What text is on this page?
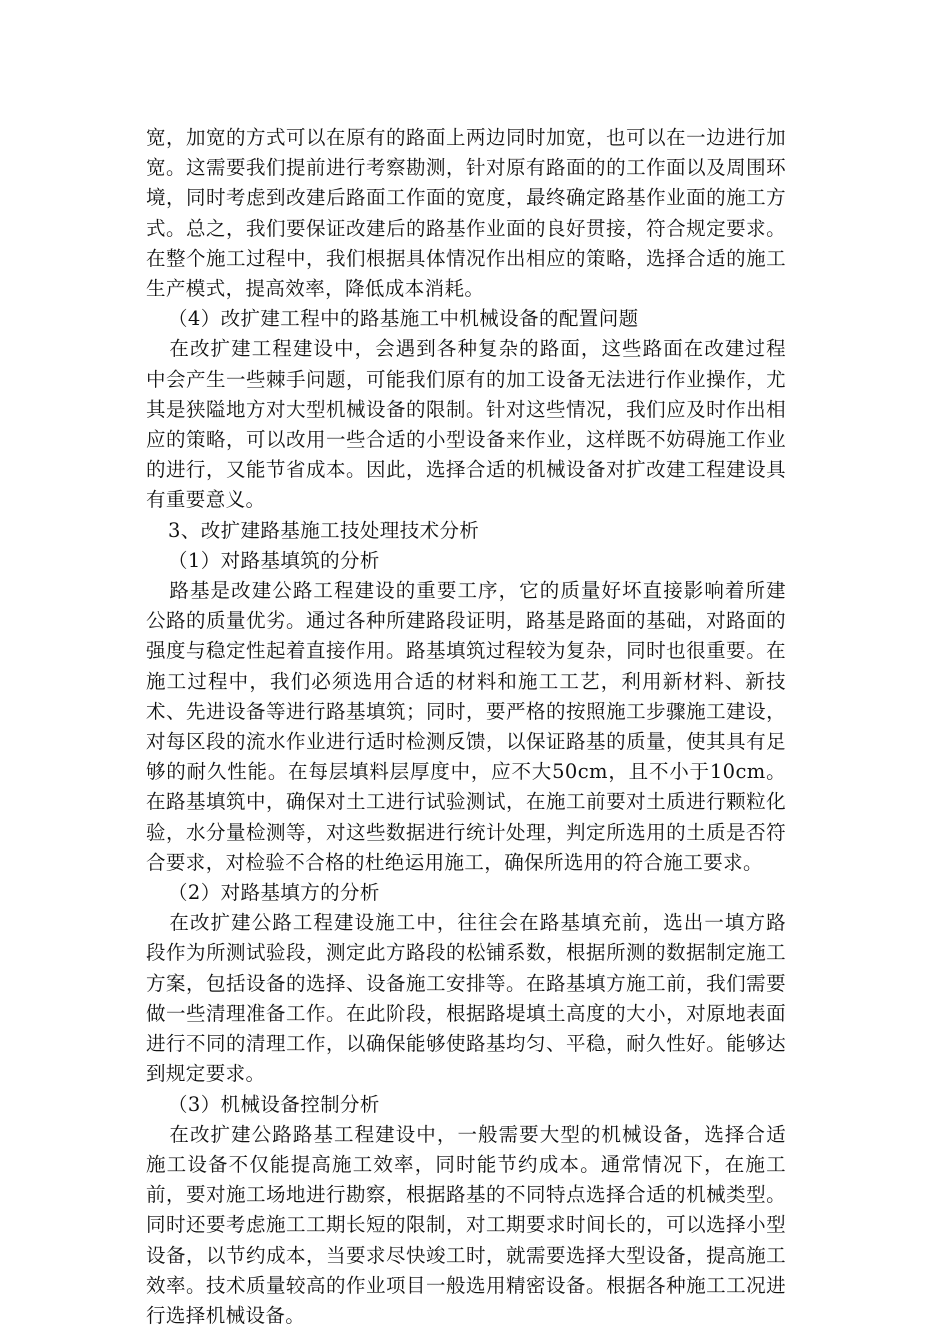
宽，加宽的方式可以在原有的路面上两边同时加宽，也可以在一边进行加宽。这需要我们提前进行考察勘测，针对原有路面的的工作面以及周围环境，同时考虑到改建后路面工作面的宽度，最终确定路基作业面的施工方式。总之，我们要保证改建后的路基作业面的良好贯接，符合规定要求。在整个施工过程中，我们根据具体情况作出相应的策略，选择合适的施工生产模式，提高效率，降低成本消耗。

（4）改扩建工程中的路基施工中机械设备的配置问题

在改扩建工程建设中，会遇到各种复杂的路面，这些路面在改建过程中会产生一些棘手问题，可能我们原有的加工设备无法进行作业操作，尤其是狭隘地方对大型机械设备的限制。针对这些情况，我们应及时作出相应的策略，可以改用一些合适的小型设备来作业，这样既不妨碍施工作业的进行，又能节省成本。因此，选择合适的机械设备对扩改建工程建设具有重要意义。

3、改扩建路基施工技处理技术分析

（1）对路基填筑的分析

路基是改建公路工程建设的重要工序，它的质量好坏直接影响着所建公路的质量优劣。通过各种所建路段证明，路基是路面的基础，对路面的强度与稳定性起着直接作用。路基填筑过程较为复杂，同时也很重要。在施工过程中，我们必须选用合适的材料和施工工艺，利用新材料、新技术、先进设备等进行路基填筑；同时，要严格的按照施工步骤施工建设，对每区段的流水作业进行适时检测反馈，以保证路基的质量，使其具有足够的耐久性能。在每层填料层厚度中，应不大50cm，且不小于10cm。在路基填筑中，确保对土工进行试验测试，在施工前要对土质进行颗粒化验，水分量检测等，对这些数据进行统计处理，判定所选用的土质是否符合要求，对检验不合格的杜绝运用施工，确保所选用的符合施工要求。

（2）对路基填方的分析

在改扩建公路工程建设施工中，往往会在路基填充前，选出一填方路段作为所测试验段，测定此方路段的松铺系数，根据所测的数据制定施工方案，包括设备的选择、设备施工安排等。在路基填方施工前，我们需要做一些清理准备工作。在此阶段，根据路堤填土高度的大小，对原地表面进行不同的清理工作，以确保能够使路基均匀、平稳，耐久性好。能够达到规定要求。

（3）机械设备控制分析

在改扩建公路路基工程建设中，一般需要大型的机械设备，选择合适施工设备不仅能提高施工效率，同时能节约成本。通常情况下，在施工前，要对施工场地进行勘察，根据路基的不同特点选择合适的机械类型。同时还要考虑施工工期长短的限制，对工期要求时间长的，可以选择小型设备，以节约成本，当要求尽快竣工时，就需要选择大型设备，提高施工效率。技术质量较高的作业项目一般选用精密设备。根据各种施工工况进行选择机械设备。
